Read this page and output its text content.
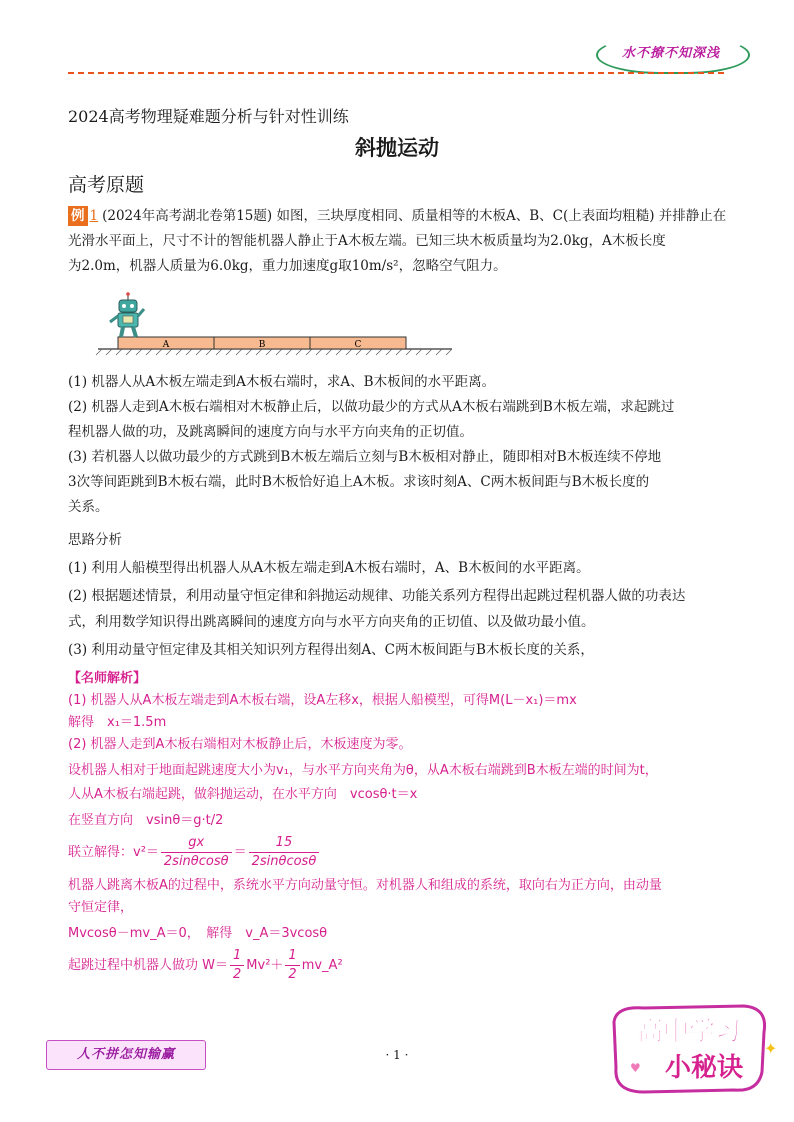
水不撩不知深浅
2024高考物理疑难题分析与针对性训练
斜抛运动
高考原题
例 1 (2024年高考湖北卷第15题) 如图，三块厚度相同、质量相等的木板A、B、C(上表面均粗糙) 并排静止在
光滑水平面上，尺寸不计的智能机器人静止于A木板左端。已知三块木板质量均为2.0kg，A木板长度
为2.0m，机器人质量为6.0kg，重力加速度g取10m/s²，忽略空气阻力。
A	B	C
(1) 机器人从A木板左端走到A木板右端时，求A、B木板间的水平距离。
(2) 机器人走到A木板右端相对木板静止后，以做功最少的方式从A木板右端跳到B木板左端，求起跳过
程机器人做的功，及跳离瞬间的速度方向与水平方向夹角的正切值。
(3) 若机器人以做功最少的方式跳到B木板左端后立刻与B木板相对静止，随即相对B木板连续不停地
3次等间距跳到B木板右端，此时B木板恰好追上A木板。求该时刻A、C两木板间距与B木板长度的
关系。
思路分析
(1) 利用人船模型得出机器人从A木板左端走到A木板右端时，A、B木板间的水平距离。
(2) 根据题述情景，利用动量守恒定律和斜抛运动规律、功能关系列方程得出起跳过程机器人做的功表达
式，利用数学知识得出跳离瞬间的速度方向与水平方向夹角的正切值、以及做功最小值。
(3) 利用动量守恒定律及其相关知识列方程得出刻A、C两木板间距与B木板长度的关系，
【名师解析】
(1) 机器人从A木板左端走到A木板右端，设A左移x，根据人船模型，可得M(L－x₁)＝mx
解得　x₁＝1.5m
(2) 机器人走到A木板右端相对木板静止后，木板速度为零。
设机器人相对于地面起跳速度大小为v₁，与水平方向夹角为θ，从A木板右端跳到B木板左端的时间为t，
人从A木板右端起跳，做斜抛运动，在水平方向　vcosθ·t＝x
在竖直方向　vsinθ＝g·t/2
联立解得：$v^2= \frac{gx}{2\sin\theta\cos\theta} = \frac{15}{2\sin\theta\cos\theta}$
机器人跳离木板A的过程中，系统水平方向动量守恒。对机器人和组成的系统，取向右为正方向，由动量
守恒定律，
Mvcosθ－mv_A＝0，　解得　v_A＝3vcosθ
起跳过程中机器人做功 $W= \frac{1}{2} Mv^2+ \frac{1}{2}$ mv_A²
人不拼怎知输赢	· 1 ·
高中学习
小秘诀
✦
♥
